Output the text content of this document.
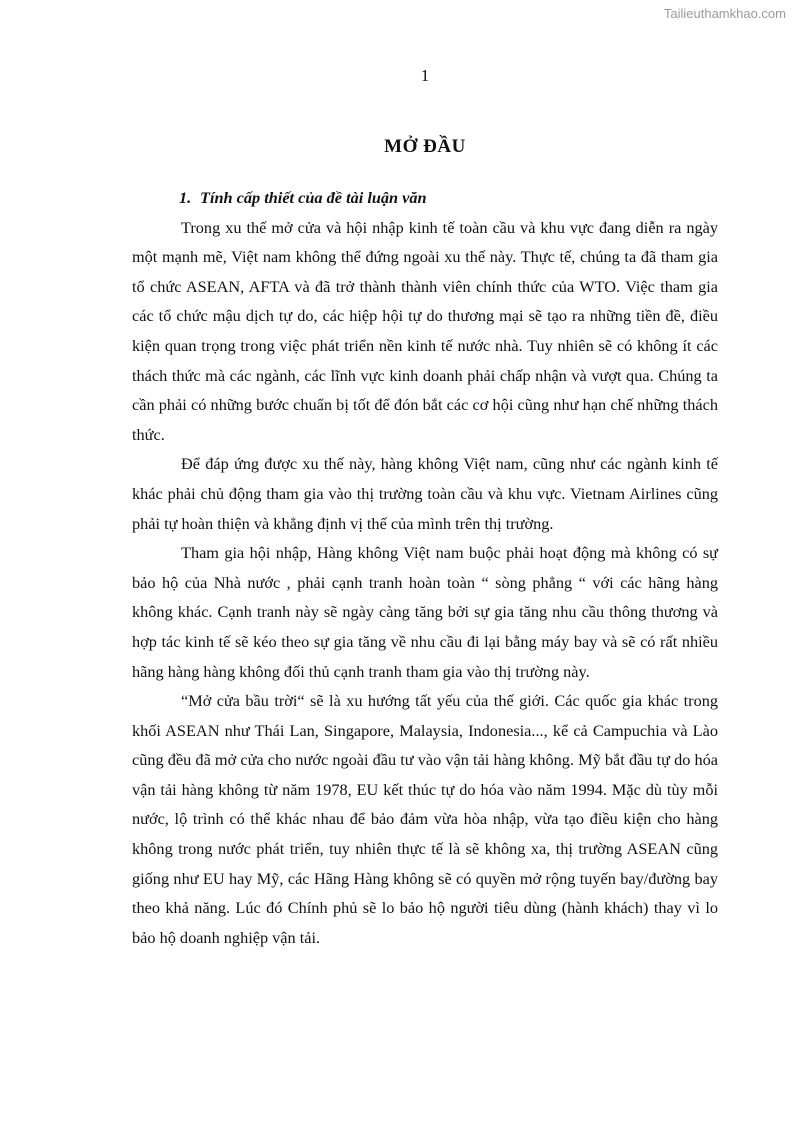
Tailieuthamkhao.com
1
MỞ ĐẦU

1. Tính cấp thiết của đề tài luận văn

Trong xu thế mở cửa và hội nhập kinh tế toàn cầu và khu vực đang diễn ra ngày một mạnh mẽ, Việt nam không thể đứng ngoài xu thế này. Thực tế, chúng ta đã tham gia tổ chức ASEAN, AFTA và đã trở thành thành viên chính thức của WTO. Việc tham gia các tổ chức mậu dịch tự do, các hiệp hội tự do thương mại sẽ tạo ra những tiền đề, điều kiện quan trọng trong việc phát triển nền kinh tế nước nhà. Tuy nhiên sẽ có không ít các thách thức mà các ngành, các lĩnh vực kinh doanh phải chấp nhận và vượt qua. Chúng ta cần phải có những bước chuẩn bị tốt để đón bắt các cơ hội cũng như hạn chế những thách thức.

Để đáp ứng được xu thế này, hàng không Việt nam, cũng như các ngành kinh tế khác phải chủ động tham gia vào thị trường toàn cầu và khu vực. Vietnam Airlines cũng phải tự hoàn thiện và khẳng định vị thế của mình trên thị trường.

Tham gia hội nhập, Hàng không Việt nam buộc phải hoạt động mà không có sự bảo hộ của Nhà nước , phải cạnh tranh hoàn toàn “ sòng phẳng “ với các hãng hàng không khác. Cạnh tranh này sẽ ngày càng tăng bởi sự gia tăng nhu cầu thông thương và hợp tác kinh tế sẽ kéo theo sự gia tăng về nhu cầu đi lại bằng máy bay và sẽ có rất nhiều hãng hàng hàng không đối thủ cạnh tranh tham gia vào thị trường này.

“Mở cửa bầu trời“ sẽ là xu hướng tất yếu của thế giới. Các quốc gia khác trong khối ASEAN như Thái Lan, Singapore, Malaysia, Indonesia..., kể cả Campuchia và Lào cũng đều đã mở cửa cho nước ngoài đầu tư vào vận tải hàng không. Mỹ bắt đầu tự do hóa vận tải hàng không từ năm 1978, EU kết thúc tự do hóa vào năm 1994. Mặc dù tùy mỗi nước, lộ trình có thể khác nhau để bảo đảm vừa hòa nhập, vừa tạo điều kiện cho hàng không trong nước phát triển, tuy nhiên thực tế là sẽ không xa, thị trường ASEAN cũng giống như EU hay Mỹ, các Hãng Hàng không sẽ có quyền mở rộng tuyến bay/đường bay theo khả năng. Lúc đó Chính phủ sẽ lo bảo hộ người tiêu dùng (hành khách) thay vì lo bảo hộ doanh nghiệp vận tải.
